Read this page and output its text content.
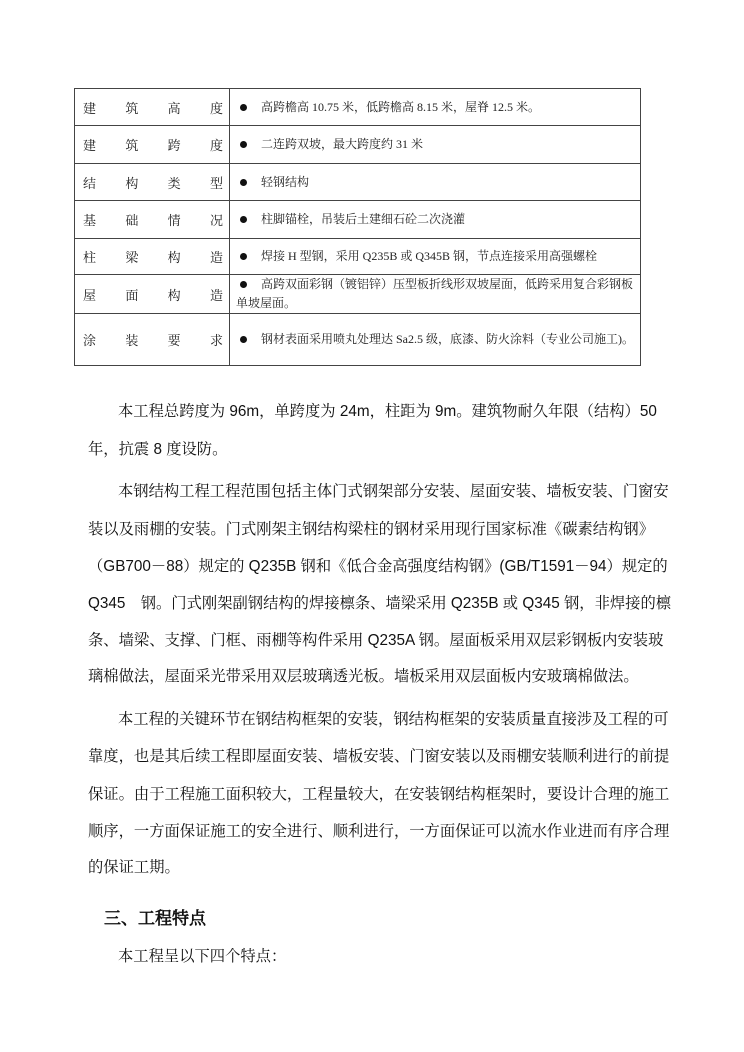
建 筑 高 度	高跨檐高 10.75 米，低跨檐高 8.15 米，屋脊 12.5 米。

建 筑 跨 度	二连跨双坡，最大跨度约 31 米

结 构 类 型	轻钢结构

基 础 情 况	柱脚锚栓，吊装后土建细石砼二次浇灌

柱 梁 构 造	焊接 H 型钢，采用 Q235B 或 Q345B 钢，节点连接采用高强螺栓

屋 面 构 造	高跨双面彩钢（镀铝锌）压型板折线形双坡屋面，低跨采用复合彩钢板单坡屋面。

涂 装 要 求	钢材表面采用喷丸处理达 Sa2.5 级，底漆、防火涂料（专业公司施工)。
本工程总跨度为 96m，单跨度为 24m，柱距为 9m。建筑物耐久年限（结构）50
年，抗震 8 度设防。
本钢结构工程工程范围包括主体门式钢架部分安装、屋面安装、墙板安装、门窗安
装以及雨棚的安装。门式刚架主钢结构梁柱的钢材采用现行国家标准《碳素结构钢》
（GB700－88）规定的 Q235B 钢和《低合金高强度结构钢》(GB/T1591－94）规定的
Q345　钢。门式刚架副钢结构的焊接檩条、墙梁采用 Q235B 或 Q345 钢，非焊接的檩
条、墙梁、支撑、门框、雨棚等构件采用 Q235A 钢。屋面板采用双层彩钢板内安装玻
璃棉做法，屋面采光带采用双层玻璃透光板。墙板采用双层面板内安玻璃棉做法。
本工程的关键环节在钢结构框架的安装，钢结构框架的安装质量直接涉及工程的可
靠度，也是其后续工程即屋面安装、墙板安装、门窗安装以及雨棚安装顺利进行的前提
保证。由于工程施工面积较大，工程量较大，在安装钢结构框架时，要设计合理的施工
顺序，一方面保证施工的安全进行、顺利进行，一方面保证可以流水作业进而有序合理
的保证工期。
三、工程特点
本工程呈以下四个特点：
